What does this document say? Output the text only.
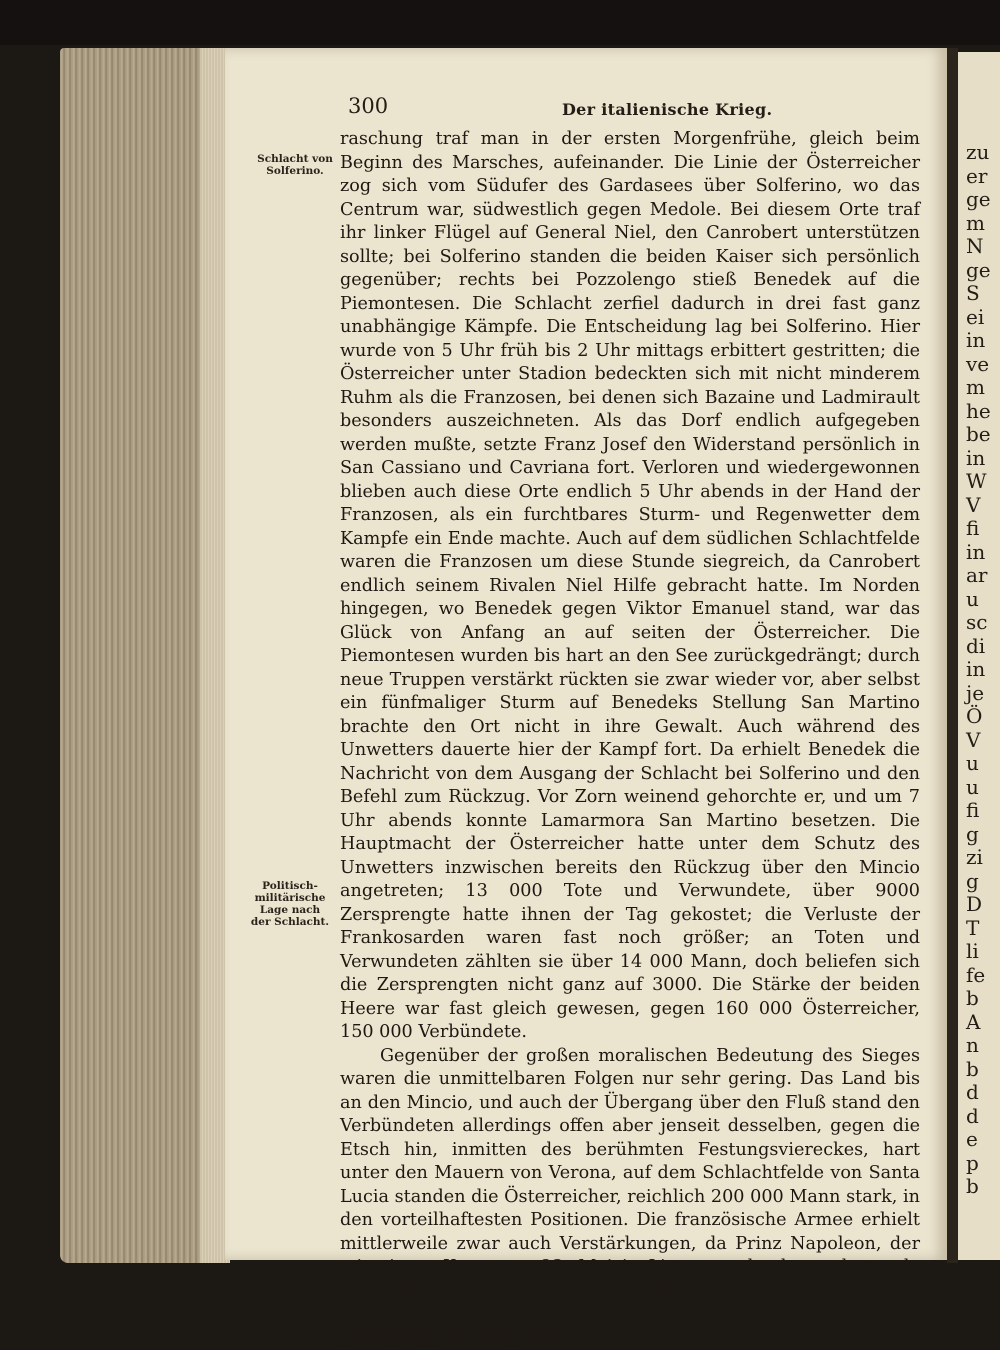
zu
er
ge
m
N
ge
S
ei
in
ve
m
he
be
in
W
V
fi
in
ar
u
sc
di
in
je
Ö
V
u
u
fi
g
zi
g
D
T
li
fe
b
A
n
b
d
d
e
p
b
300	Der italienische Krieg.
Schlacht von Solferino.
Politisch-militärische Lage nach der Schlacht.

raschung traf man in der ersten Morgenfrühe, gleich beim Beginn des Marsches, aufeinander. Die Linie der Österreicher zog sich vom Südufer des Gardasees über Solferino, wo das Centrum war, südwestlich gegen Medole. Bei diesem Orte traf ihr linker Flügel auf General Niel, den Canrobert unterstützen sollte; bei Solferino standen die beiden Kaiser sich persönlich gegenüber; rechts bei Pozzolengo stieß Benedek auf die Piemontesen. Die Schlacht zerfiel dadurch in drei fast ganz unabhängige Kämpfe. Die Entscheidung lag bei Solferino. Hier wurde von 5 Uhr früh bis 2 Uhr mittags erbittert gestritten; die Österreicher unter Stadion bedeckten sich mit nicht minderem Ruhm als die Franzosen, bei denen sich Bazaine und Ladmirault besonders auszeichneten. Als das Dorf endlich aufgegeben werden mußte, setzte Franz Josef den Widerstand persönlich in San Cassiano und Cavriana fort. Verloren und wiedergewonnen blieben auch diese Orte endlich 5 Uhr abends in der Hand der Franzosen, als ein furchtbares Sturm- und Regenwetter dem Kampfe ein Ende machte. Auch auf dem südlichen Schlachtfelde waren die Franzosen um diese Stunde siegreich, da Canrobert endlich seinem Rivalen Niel Hilfe gebracht hatte. Im Norden hingegen, wo Benedek gegen Viktor Emanuel stand, war das Glück von Anfang an auf seiten der Österreicher. Die Piemontesen wurden bis hart an den See zurückgedrängt; durch neue Truppen verstärkt rückten sie zwar wieder vor, aber selbst ein fünfmaliger Sturm auf Benedeks Stellung San Martino brachte den Ort nicht in ihre Gewalt. Auch während des Unwetters dauerte hier der Kampf fort. Da erhielt Benedek die Nachricht von dem Ausgang der Schlacht bei Solferino und den Befehl zum Rückzug. Vor Zorn weinend gehorchte er, und um 7 Uhr abends konnte Lamarmora San Martino besetzen. Die Hauptmacht der Österreicher hatte unter dem Schutz des Unwetters inzwischen bereits den Rückzug über den Mincio angetreten; 13 000 Tote und Verwundete, über 9000 Zersprengte hatte ihnen der Tag gekostet; die Verluste der Frankosarden waren fast noch größer; an Toten und Verwundeten zählten sie über 14 000 Mann, doch beliefen sich die Zersprengten nicht ganz auf 3000. Die Stärke der beiden Heere war fast gleich gewesen, gegen 160 000 Österreicher, 150 000 Verbündete.

Gegenüber der großen moralischen Bedeutung des Sieges waren die unmittelbaren Folgen nur sehr gering. Das Land bis an den Mincio, und auch der Übergang über den Fluß stand den Verbündeten allerdings offen aber jenseit desselben, gegen die Etsch hin, inmitten des berühmten Festungsviereckes, hart unter den Mauern von Verona, auf dem Schlachtfelde von Santa Lucia standen die Österreicher, reichlich 200 000 Mann stark, in den vorteilhaftesten Positionen. Die französische Armee erhielt mittlerweile zwar auch Verstärkungen, da Prinz Napoleon, der mit einem Korps am 23. Mai in Livorno gelandet und von da nach Parma gezogen war, sich in den ersten Tagen des Juli mit der Hauptarmee vereinigte. Aber dieser Zuwachs war geringfügig im Vergleich
